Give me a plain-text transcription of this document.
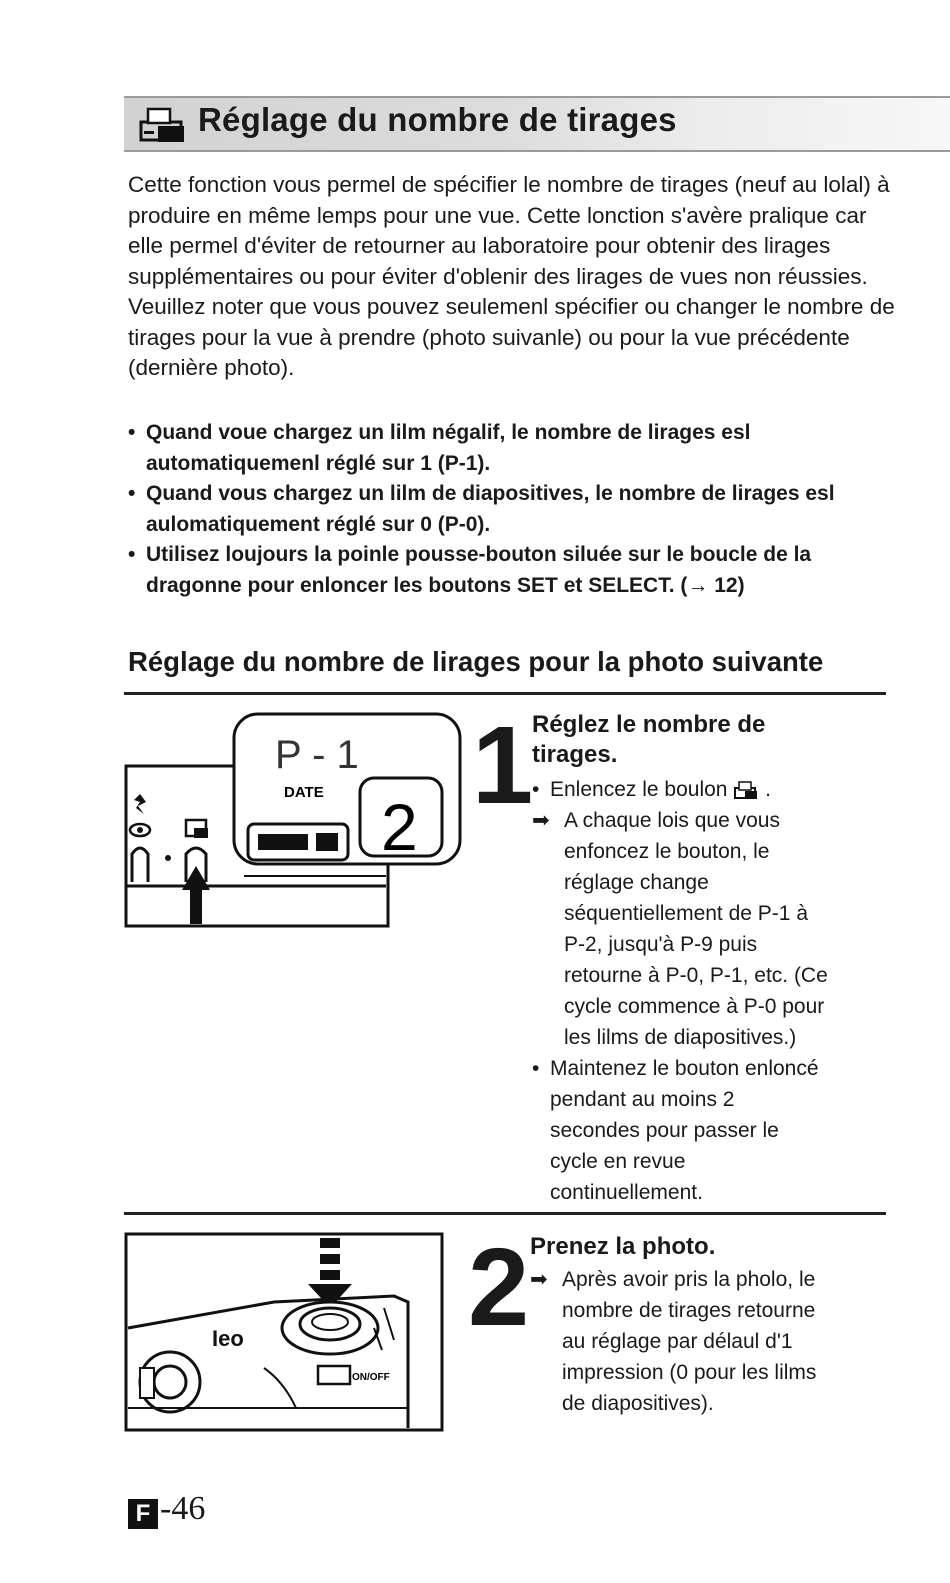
Réglage du nombre de tirages

Cette fonction vous permel de spécifier le nombre de tirages (neuf au lolal) à produire en même lemps pour une vue. Cette lonction s'avère pralique car elle permel d'éviter de retourner au laboratoire pour obtenir des lirages supplémentaires ou pour éviter d'oblenir des lirages de vues non réussies.

Veuillez noter que vous pouvez seulemenl spécifier ou changer le nombre de tirages pour la vue à prendre (photo suivanle) ou pour la vue précédente (dernière photo).

• Quand voue chargez un lilm négalif, le nombre de lirages esl automatiquemenl réglé sur 1 (P-1).
• Quand vous chargez un lilm de diapositives, le nombre de lirages esl aulomatiquement réglé sur 0 (P-0).
• Utilisez loujours la poinle pousse-bouton siluée sur le boucle de la dragonne pour enloncer les boutons SET et SELECT. (→ 12)
Réglage du nombre de lirages pour la photo suivante
P - 1
DATE 2 1
Réglez le nombre de
tirages.
• Enlencez le boulon .
➡ A chaque lois que vous
enfoncez le bouton, le
réglage change
séquentiellement de P-1 à
P-2, jusqu'à P-9 puis
retourne à P-0, P-1, etc. (Ce
cycle commence à P-0 pour
les lilms de diapositives.)
• Maintenez le bouton enloncé
pendant au moins 2
secondes pour passer le
cycle en revue
continuellement.
Ieo
ON/OFF
2 Prenez la photo.
➡ Après avoir pris la pholo, le
nombre de tirages retourne
au réglage par délaul d'1
impression (0 pour les lilms
de diapositives).
F -46
